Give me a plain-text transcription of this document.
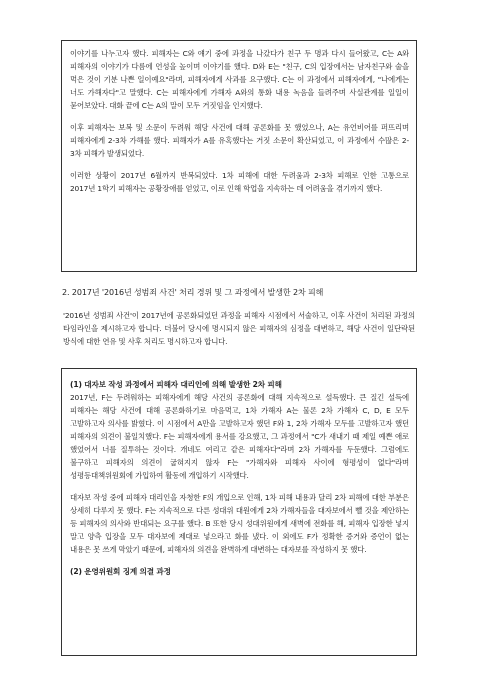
이야기를 나누고자 했다. 피해자는 C와 얘기 중에 과정을 나갔다가 친구 두 명과 다시 들어왔고, C는 A와 피해자의 이야기가 다름에 언성을 높이며 이야기를 했다. D와 E는 "친구, C의 입장에서는 남자친구와 술을 먹은 것이 기분 나쁜 일이예요"라며, 피해자에게 사과를 요구했다. C는 이 과정에서 피해자에게, "나에게는 너도 가해자다"고 말했다. C는 피해자에게 가해자 A와의 통화 내용 녹음을 들려주며 사실관계를 일일이 묻어보았다. 대화 끝에 C는 A의 말이 모두 거짓임을 인지했다.

이후 피해자는 보복 및 소문이 두려워 해당 사건에 대해 공론화를 못 했었으나, A는 유언비어를 퍼뜨리며 피해자에게 2-3차 가해를 했다. 피해자가 A를 유혹했다는 거짓 소문이 확산되었고, 이 과정에서 수많은 2-3차 피해가 발생되었다.

이러한 상황이 2017년 6월까지 반복되었다. 1차 피해에 대한 두려움과 2-3차 피해로 인한 고통으로 2017년 1학기 피해자는 공황장애를 얻었고, 이로 인해 학업을 지속하는 데 어려움을 겪기까지 했다.

2. 2017년 '2016년 성범죄 사건' 처리 경위 및 그 과정에서 발생한 2차 피해

'2016년 성범죄 사건'이 2017년에 공론화되었던 과정을 피해자 시점에서 서술하고, 이후 사건이 처리된 과정의 타임라인을 제시하고자 합니다. 더불어 당시에 명시되지 않은 피해자의 심정을 대변하고, 해당 사건이 일단락된 방식에 대한 연유 및 사후 처리도 명시하고자 합니다.

(1) 대자보 작성 과정에서 피해자 대리인에 의해 발생한 2차 피해

2017년, F는 두려워하는 피해자에게 해당 사건의 공론화에 대해 지속적으로 설득했다. 큰 질긴 설득에 피해자는 해당 사건에 대해 공론화하기로 마음먹고, 1차 가해자 A는 물론 2차 가해자 C, D, E 모두 고발하고자 의사를 밝혔다. 이 시점에서 A만을 고발하고자 했던 F와 1, 2차 가해자 모두를 고발하고자 했던 피해자의 의견이 불일치했다. F는 피해자에게 용서를 강요했고, 그 과정에서 "C가 새내기 때 제일 예쁜 애로 했었어서 너를 질투하는 것이다. 개네도 여리고 같은 피해자다"라며 2차 가해자를 두둔했다. 그럼에도 불구하고 피해자의 의견이 굽혀지지 않자 F는 "가해자와 피해자 사이에 형평성이 없다"라며 성평등대책위원회에 가입하여 활동에 개입하기 시작했다.

대자보 작성 중에 피해자 대리인을 자청한 F의 개입으로 인해, 1차 피해 내용과 달리 2차 피해에 대한 부분은 상세히 다루지 못 했다. F는 지속적으로 다른 성대위 대원에게 2차 가해자들을 대자보에서 뺄 것을 제안하는 등 피해자의 의사와 반대되는 요구를 했다. B 또한 당시 성대위원에게 새벽에 전화를 해, 피해자 입장한 넣지 말고 양측 입장을 모두 대자보에 제대로 넣으라고 화를 냈다. 이 외에도 F가 정확한 증거와 증언이 없는 내용은 못 쓰게 막았기 때문에, 피해자의 의견을 완벽하게 대변하는 대자보를 작성하지 못 했다.

(2) 운영위원회 징계 의결 과정
